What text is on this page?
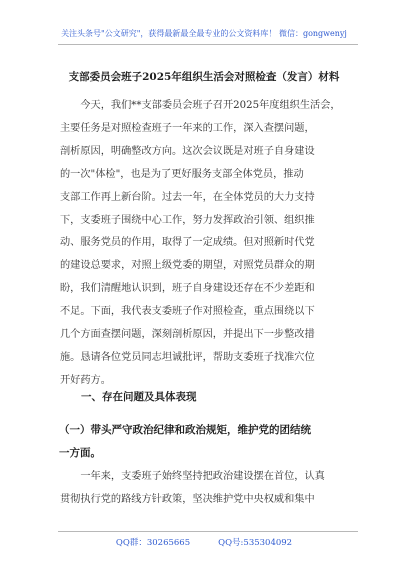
关注头条号"公文研究"，获得最新最全最专业的公文资料库！ 微信：gongwenyj
支部委员会班子2025年组织生活会对照检查（发言）材料

　　今天，我们**支部委员会班子召开2025年度组织生活会，
主要任务是对照检查班子一年来的工作，深入查摆问题，
剖析原因，明确整改方向。这次会议既是对班子自身建设
的一次"体检"，也是为了更好服务支部全体党员，推动
支部工作再上新台阶。过去一年，在全体党员的大力支持
下，支委班子围绕中心工作，努力发挥政治引领、组织推
动、服务党员的作用，取得了一定成绩。但对照新时代党
的建设总要求，对照上级党委的期望，对照党员群众的期
盼，我们清醒地认识到，班子自身建设还存在不少差距和
不足。下面，我代表支委班子作对照检查，重点围绕以下
几个方面查摆问题，深刻剖析原因，并提出下一步整改措
施。恳请各位党员同志坦诚批评，帮助支委班子找准穴位
开好药方。

一、存在问题及具体表现
（一）带头严守政治纪律和政治规矩，维护党的团结统
一方面。

　　一年来，支委班子始终坚持把政治建设摆在首位，认真
贯彻执行党的路线方针政策，坚决维护党中央权威和集中

QQ群：30265665	QQ号:535304092
